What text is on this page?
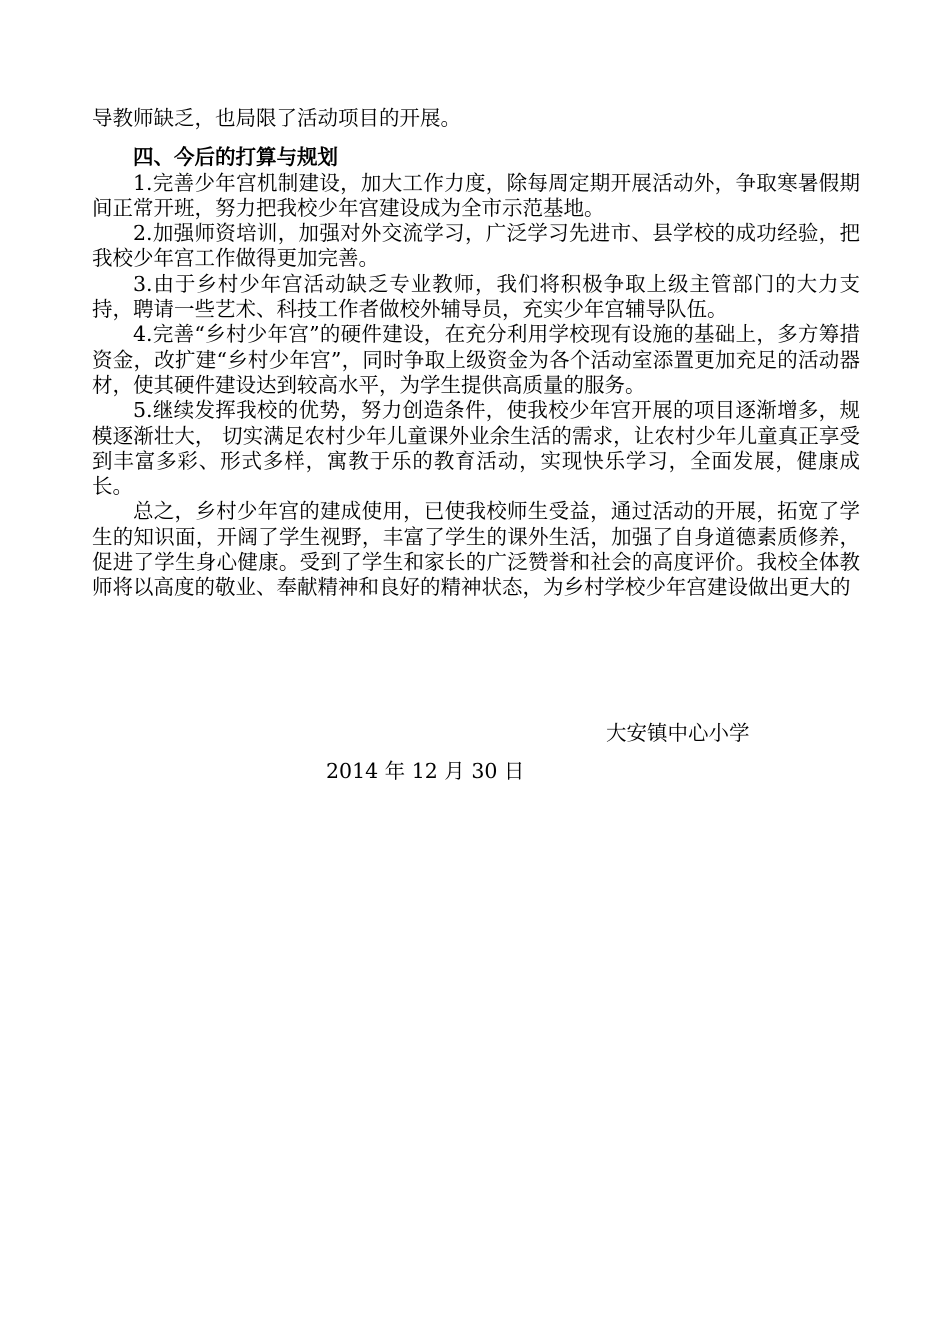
导教师缺乏，也局限了活动项目的开展。

四、今后的打算与规划

1.完善少年宫机制建设，加大工作力度，除每周定期开展活动外，争取寒暑假期间正常开班，努力把我校少年宫建设成为全市示范基地。

2.加强师资培训，加强对外交流学习，广泛学习先进市、县学校的成功经验，把我校少年宫工作做得更加完善。

3.由于乡村少年宫活动缺乏专业教师，我们将积极争取上级主管部门的大力支持，聘请一些艺术、科技工作者做校外辅导员，充实少年宫辅导队伍。

4.完善“乡村少年宫”的硬件建设，在充分利用学校现有设施的基础上，多方筹措资金，改扩建“乡村少年宫”，同时争取上级资金为各个活动室添置更加充足的活动器材，使其硬件建设达到较高水平，为学生提供高质量的服务。

5.继续发挥我校的优势，努力创造条件，使我校少年宫开展的项目逐渐增多，规模逐渐壮大， 切实满足农村少年儿童课外业余生活的需求，让农村少年儿童真正享受到丰富多彩、形式多样，寓教于乐的教育活动，实现快乐学习，全面发展，健康成长。

总之，乡村少年宫的建成使用，已使我校师生受益，通过活动的开展，拓宽了学生的知识面，开阔了学生视野，丰富了学生的课外生活，加强了自身道德素质修养，促进了学生身心健康。受到了学生和家长的广泛赞誉和社会的高度评价。我校全体教师将以高度的敬业、奉献精神和良好的精神状态，为乡村学校少年宫建设做出更大的

大安镇中心小学
2014 年 12 月 30 日
